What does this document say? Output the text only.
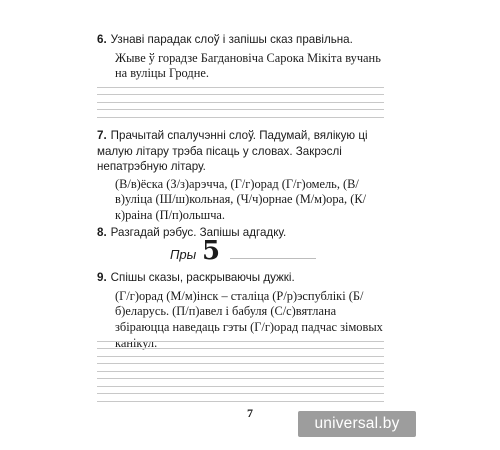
6. Узнаві парадак слоў і запішы сказ правільна.
Жыве ў горадзе Багдановіча Сарока Мікіта вучань на вуліцы Гродне.
7. Прачытай спалучэнні слоў. Падумай, вялікую ці малую літару трэба пісаць у словах. Закрэслі непатрэбную літару.
(В/в)ёска (З/з)арэчча, (Г/г)орад (Г/г)омель, (В/в)уліца (Ш/ш)кольная, (Ч/ч)орнае (М/м)ора, (К/к)раіна (П/п)ольшча.
8. Разгадай рэбус. Запішы адгадку.
Пры 5
9. Спішы сказы, раскрываючы дужкі.
(Г/г)орад (М/м)інск – сталіца (Р/р)эспублікі (Б/б)еларусь. (П/п)авел і бабуля (С/с)вятлана збіраюцца наведаць гэты (Г/г)орад падчас зімовых канікул.
7
universal.by
